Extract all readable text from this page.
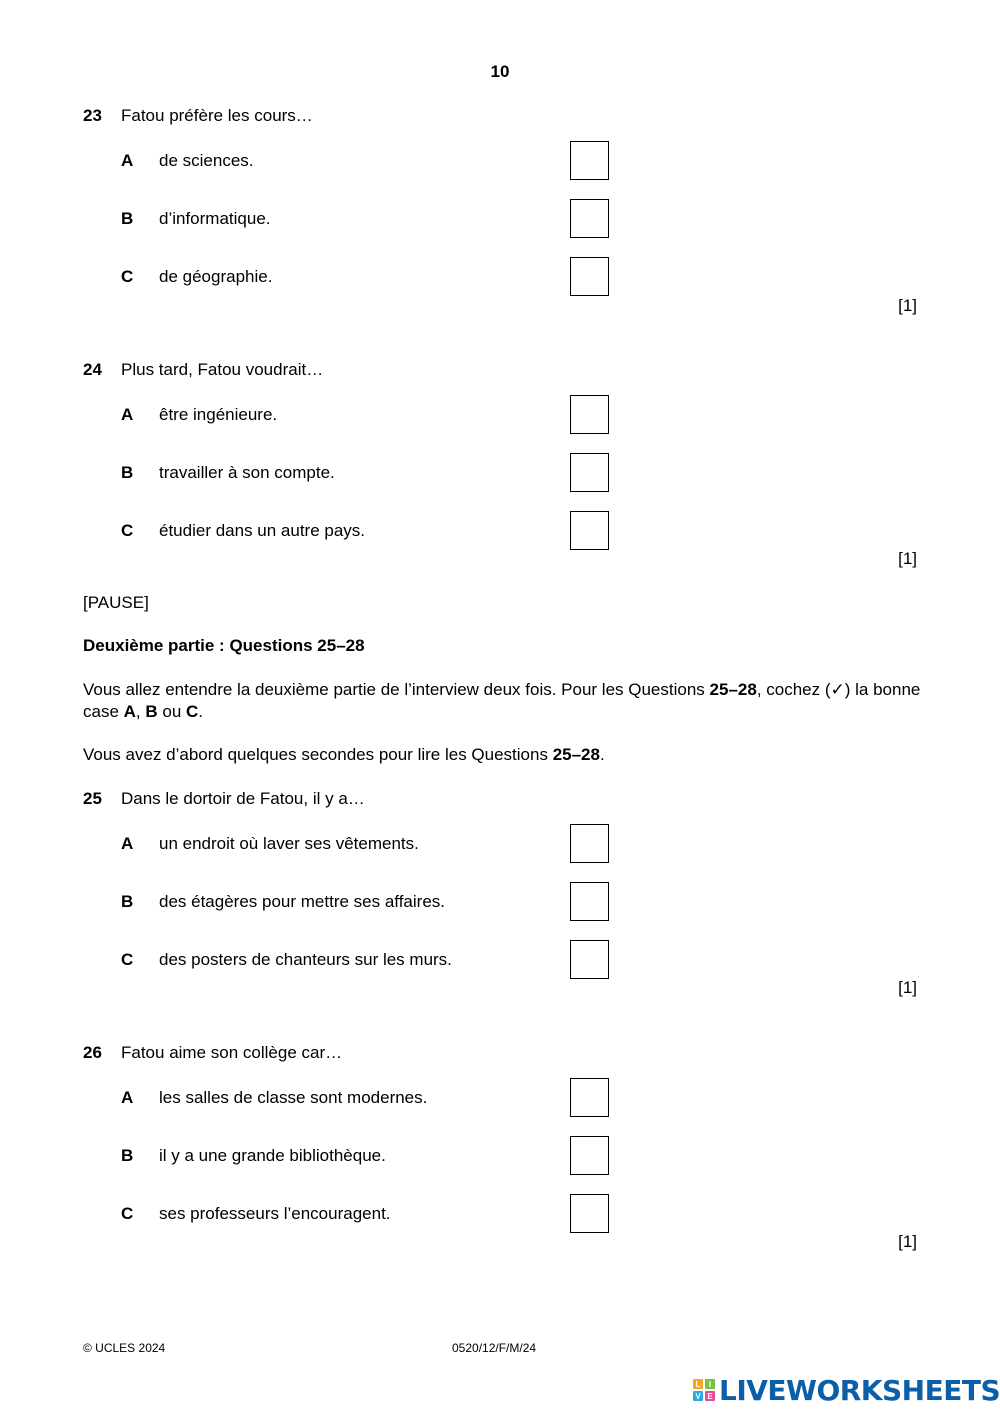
10
23	Fatou préfère les cours…
A de sciences.
B d’informatique.
C de géographie.
[1]
24	Plus tard, Fatou voudrait…
A être ingénieure.
B travailler à son compte.
C étudier dans un autre pays.
[1]
[PAUSE]
Deuxième partie : Questions 25–28
Vous allez entendre la deuxième partie de l’interview deux fois. Pour les Questions 25–28, cochez (✓) la bonne case A, B ou C.
Vous avez d’abord quelques secondes pour lire les Questions 25–28.
25	Dans le dortoir de Fatou, il y a…
A un endroit où laver ses vêtements.
B des étagères pour mettre ses affaires.
C des posters de chanteurs sur les murs.
[1]
26	Fatou aime son collège car…
A les salles de classe sont modernes.
B il y a une grande bibliothèque.
C ses professeurs l’encouragent.
[1]
© UCLES 2024	0520/12/F/M/24
L	I
V E LIVEWORKSHEETS
